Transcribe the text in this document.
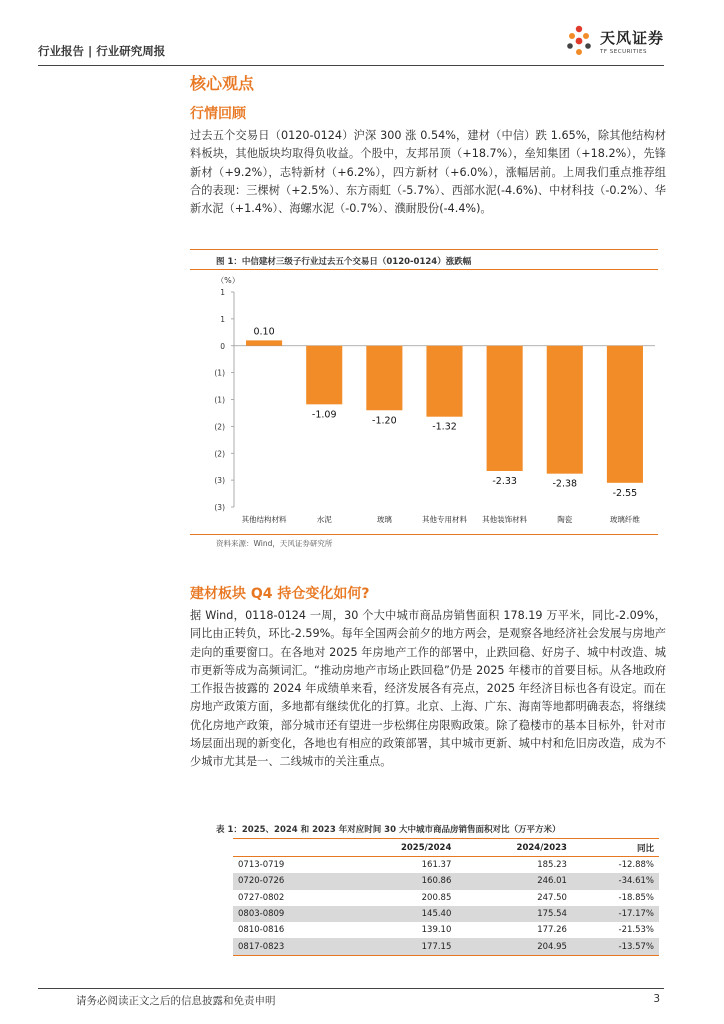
行业报告 | 行业研究周报
天风证券
TF SECURITIES
核心观点
行情回顾
过去五个交易日（0120-0124）沪深 300 涨 0.54%，建材（中信）跌 1.65%，除其他结构材料板块，其他版块均取得负收益。个股中，友邦吊顶（+18.7%），垒知集团（+18.2%），先锋新材（+9.2%），志特新材（+6.2%），四方新材（+6.0%），涨幅居前。上周我们重点推荐组合的表现：三棵树（+2.5%）、东方雨虹（-5.7%）、西部水泥(-4.6%)、中材科技（-0.2%）、华新水泥（+1.4%）、海螺水泥（-0.7%）、濮耐股份(-4.4%)。
图 1：中信建材三级子行业过去五个交易日（0120-0124）涨跌幅
（%）
1
1
0
(1)
(1)
(2)
(2)
(3)
(3)
0.10
其他结构材料
-1.09
水泥
-1.20
玻璃
-1.32
其他专用材料
-2.33
其他装饰材料
-2.38
陶瓷
-2.55
玻璃纤维
资料来源：Wind，天风证券研究所
建材板块 Q4 持仓变化如何?
据 Wind，0118-0124 一周，30 个大中城市商品房销售面积 178.19 万平米，同比-2.09%，同比由正转负，环比-2.59%。每年全国两会前夕的地方两会，是观察各地经济社会发展与房地产走向的重要窗口。在各地对 2025 年房地产工作的部署中，止跌回稳、好房子、城中村改造、城市更新等成为高频词汇。“推动房地产市场止跌回稳”仍是 2025 年楼市的首要目标。从各地政府工作报告披露的 2024 年成绩单来看，经济发展各有亮点，2025 年经济目标也各有设定。而在房地产政策方面，多地都有继续优化的打算。北京、上海、广东、海南等地都明确表态，将继续优化房地产政策，部分城市还有望进一步松绑住房限购政策。除了稳楼市的基本目标外，针对市场层面出现的新变化，各地也有相应的政策部署，其中城市更新、城中村和危旧房改造，成为不少城市尤其是一、二线城市的关注重点。
表 1：2025、2024 和 2023 年对应时间 30 大中城市商品房销售面积对比（万平方米）
	2025/2024	2024/2023	同比
0713-0719	161.37	185.23	-12.88%
0720-0726	160.86	246.01	-34.61%
0727-0802	200.85	247.50	-18.85%
0803-0809	145.40	175.54	-17.17%
0810-0816	139.10	177.26	-21.53%
0817-0823	177.15	204.95	-13.57%
请务必阅读正文之后的信息披露和免责申明	3
